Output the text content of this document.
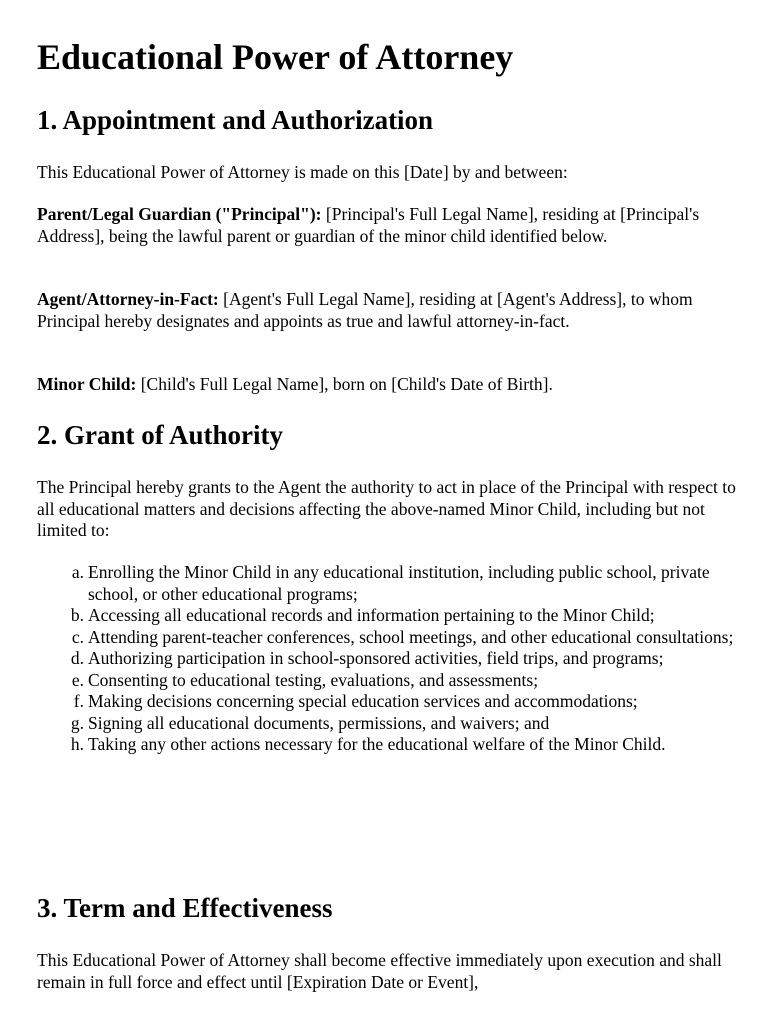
Educational Power of Attorney
1. Appointment and Authorization

This Educational Power of Attorney is made on this [Date] by and between:

Parent/Legal Guardian ("Principal"): [Principal's Full Legal Name], residing at [Principal's Address], being the lawful parent or guardian of the minor child identified below.

Agent/Attorney-in-Fact: [Agent's Full Legal Name], residing at [Agent's Address], to whom Principal hereby designates and appoints as true and lawful attorney-in-fact.

Minor Child: [Child's Full Legal Name], born on [Child's Date of Birth].

2. Grant of Authority

The Principal hereby grants to the Agent the authority to act in place of the Principal with respect to all educational matters and decisions affecting the above-named Minor Child, including but not limited to:

a. Enrolling the Minor Child in any educational institution, including public school, private school, or other educational programs;
b. Accessing all educational records and information pertaining to the Minor Child;
c. Attending parent-teacher conferences, school meetings, and other educational consultations;
d. Authorizing participation in school-sponsored activities, field trips, and programs;
e. Consenting to educational testing, evaluations, and assessments;
f. Making decisions concerning special education services and accommodations;
g. Signing all educational documents, permissions, and waivers; and
h. Taking any other actions necessary for the educational welfare of the Minor Child.
3. Term and Effectiveness

This Educational Power of Attorney shall become effective immediately upon execution and shall remain in full force and effect until [Expiration Date or Event],
